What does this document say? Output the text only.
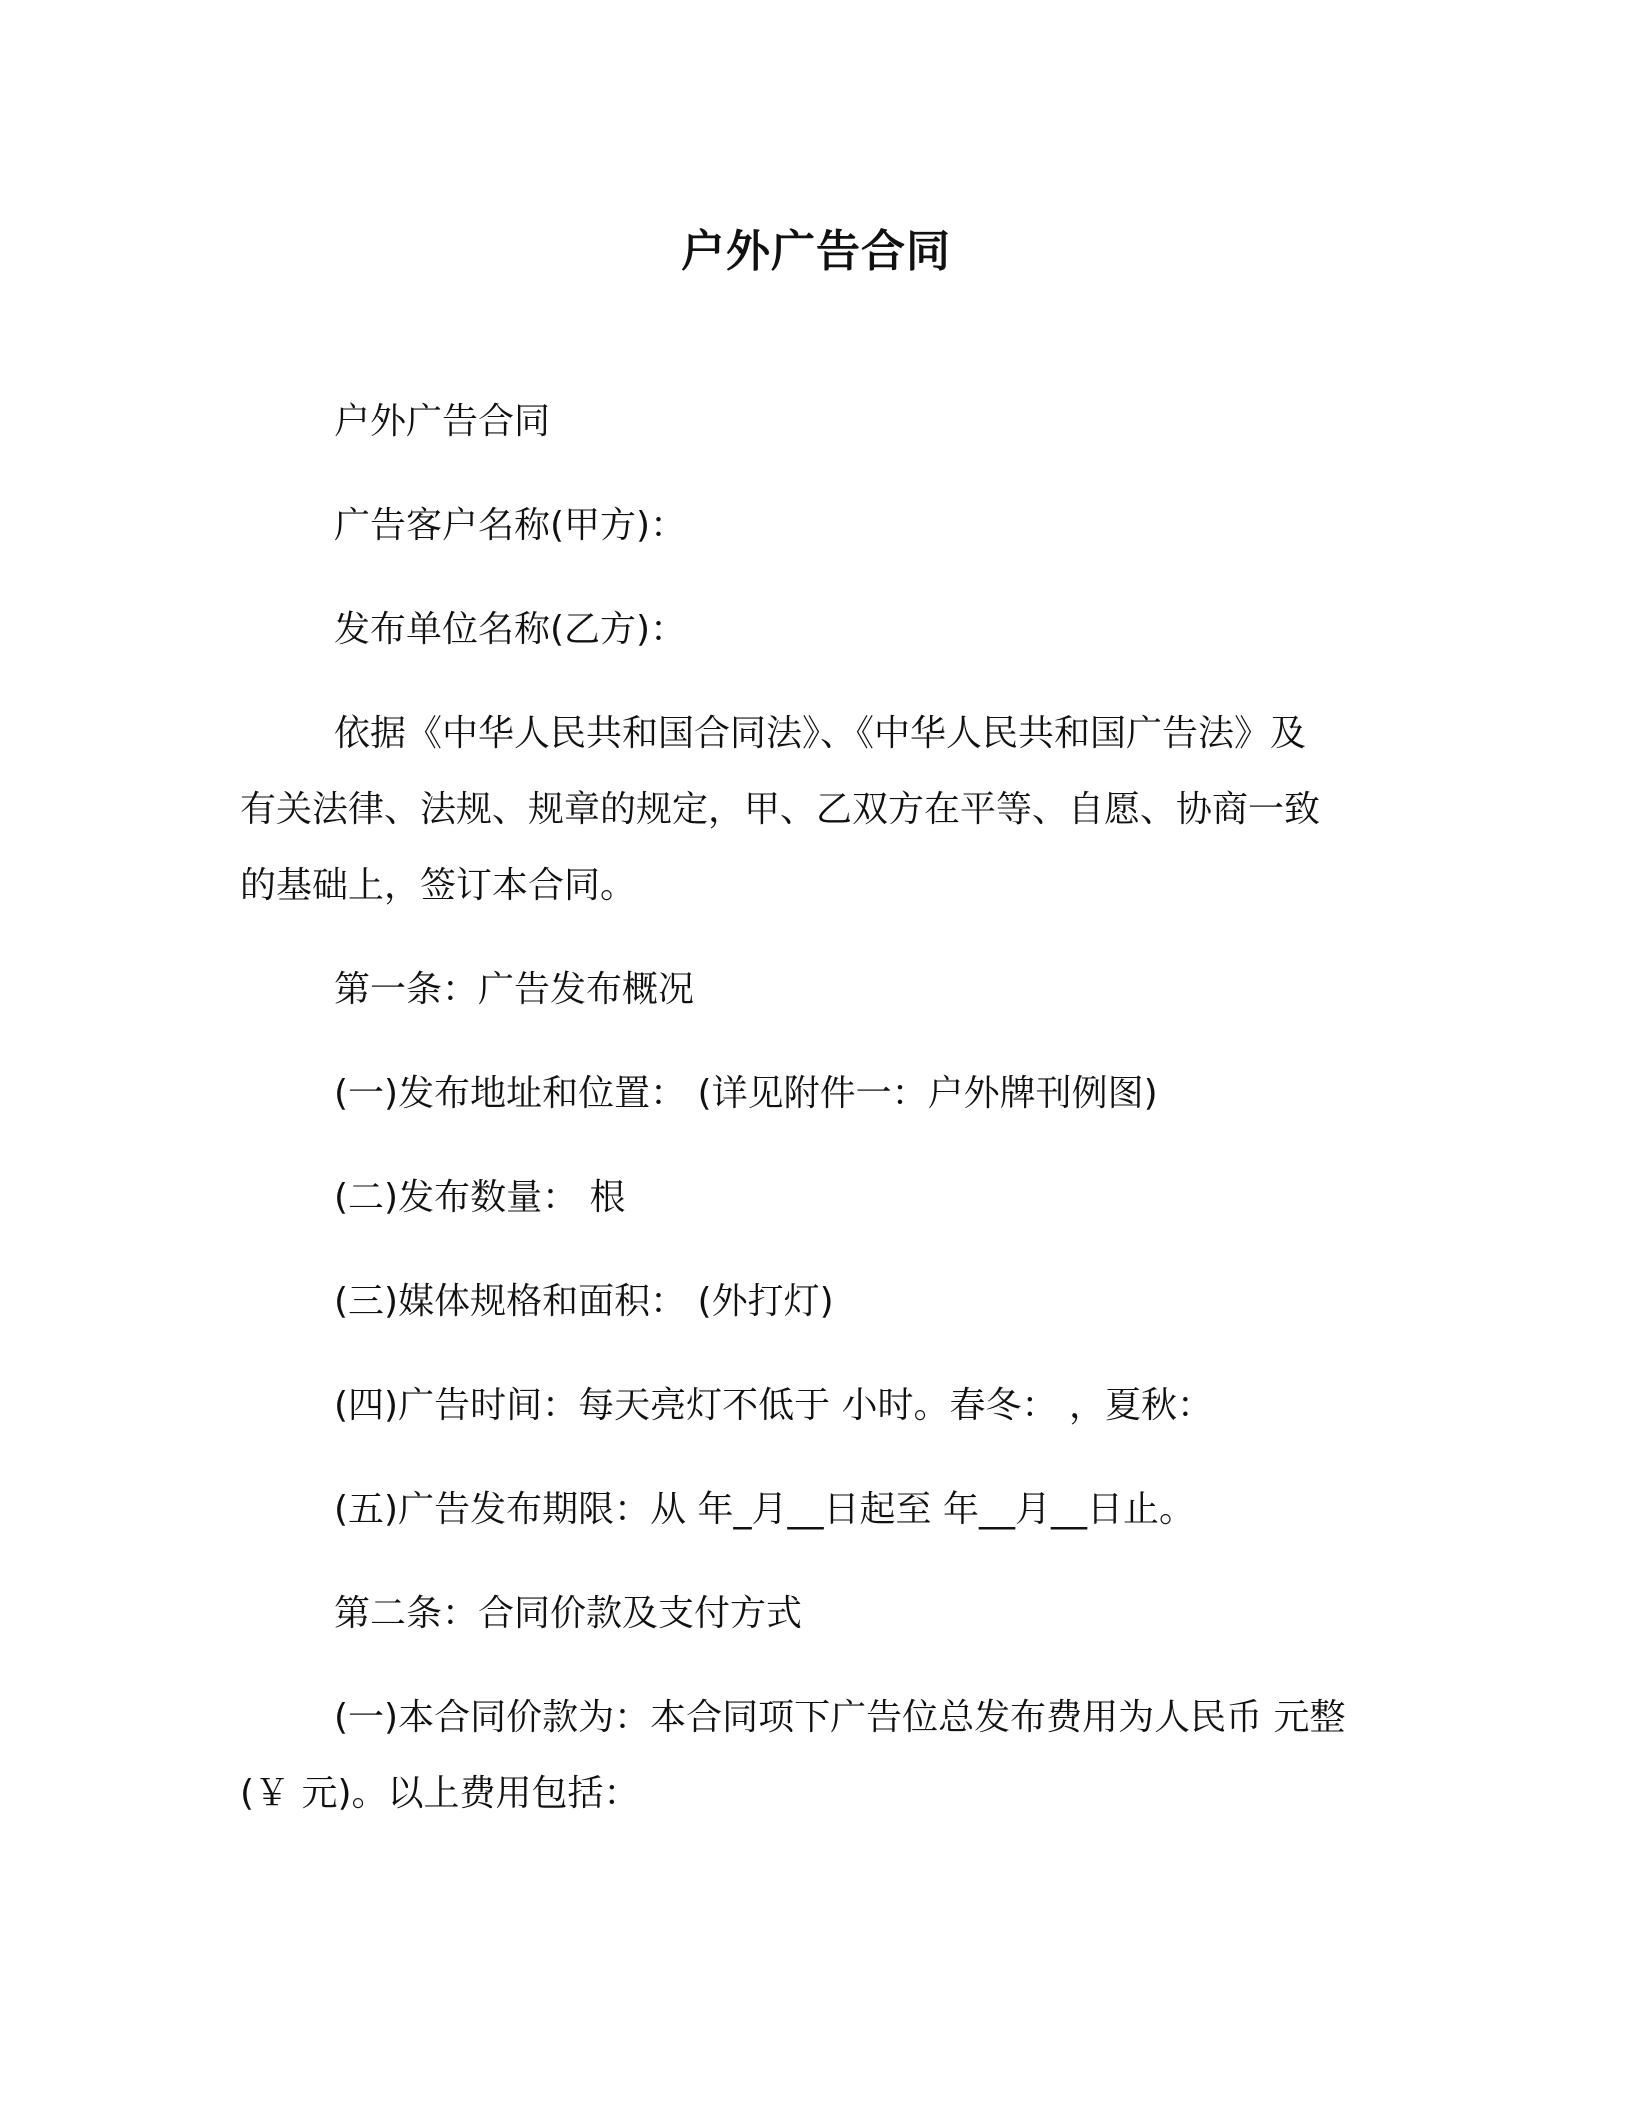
户外广告合同
户外广告合同
广告客户名称(甲方)：
发布单位名称(乙方)：
依据《中华人民共和国合同法》、《中华人民共和国广告法》及
有关法律、法规、规章的规定，甲、乙双方在平等、自愿、协商一致
的基础上，签订本合同。
第一条：广告发布概况
(一)发布地址和位置： (详见附件一：户外牌刊例图)
(二)发布数量： 根
(三)媒体规格和面积： (外打灯)
(四)广告时间：每天亮灯不低于 小时。春冬： ，夏秋：
(五)广告发布期限：从 年_月__日起至 年__月__日止。
第二条：合同价款及支付方式
(一)本合同价款为：本合同项下广告位总发布费用为人民币 元整
(￥ 元)。以上费用包括：
